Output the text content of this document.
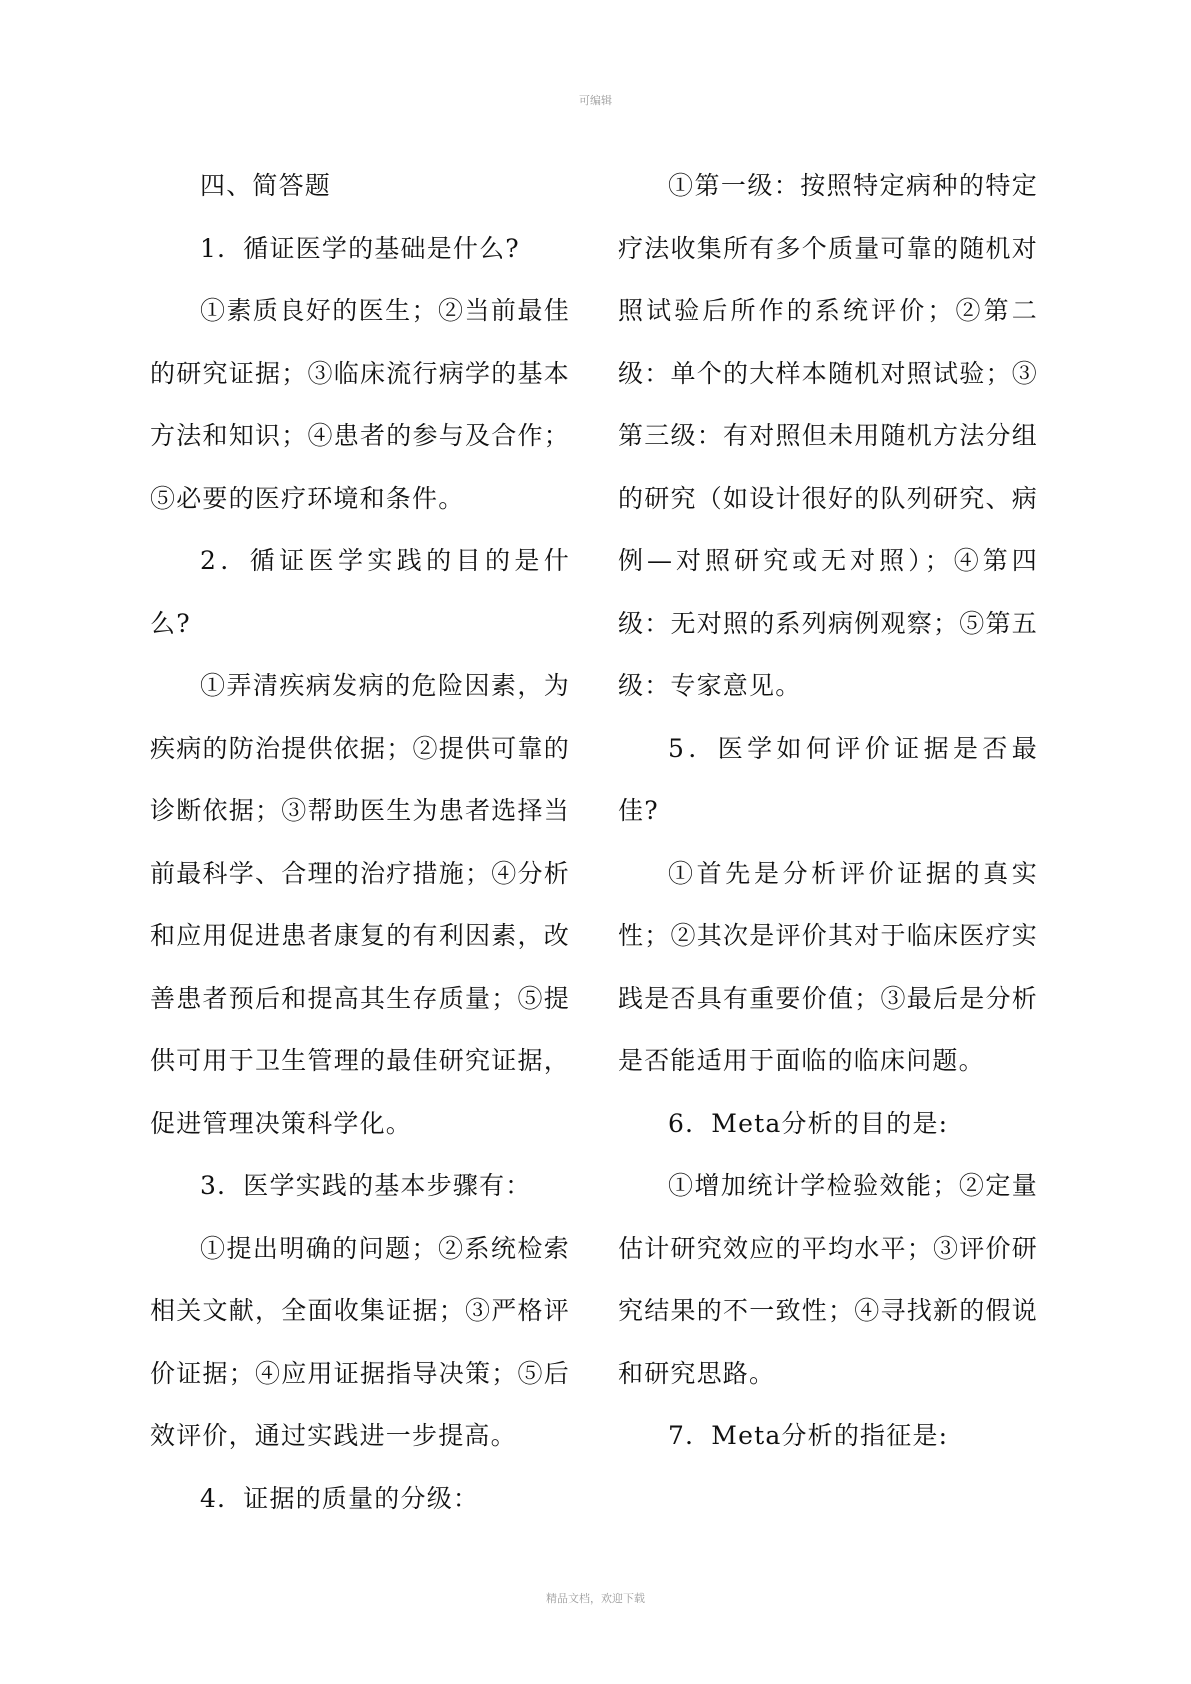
可编辑

四、简答题

1．循证医学的基础是什么?

①素质良好的医生；②当前最佳的研究证据；③临床流行病学的基本方法和知识；④患者的参与及合作；⑤必要的医疗环境和条件。

2．循证医学实践的目的是什么?

①弄清疾病发病的危险因素，为疾病的防治提供依据；②提供可靠的诊断依据；③帮助医生为患者选择当前最科学、合理的治疗措施；④分析和应用促进患者康复的有利因素，改善患者预后和提高其生存质量；⑤提供可用于卫生管理的最佳研究证据，促进管理决策科学化。

3．医学实践的基本步骤有：

①提出明确的问题；②系统检索相关文献，全面收集证据；③严格评价证据；④应用证据指导决策；⑤后效评价，通过实践进一步提高。

4．证据的质量的分级：

①第一级：按照特定病种的特定疗法收集所有多个质量可靠的随机对照试验后所作的系统评价；②第二级：单个的大样本随机对照试验；③第三级：有对照但未用随机方法分组的研究（如设计很好的队列研究、病例—对照研究或无对照）；④第四级：无对照的系列病例观察；⑤第五级：专家意见。

5．医学如何评价证据是否最佳?

①首先是分析评价证据的真实性；②其次是评价其对于临床医疗实践是否具有重要价值；③最后是分析是否能适用于面临的临床问题。

6．Meta分析的目的是:

①增加统计学检验效能；②定量估计研究效应的平均水平；③评价研究结果的不一致性；④寻找新的假说和研究思路。

7．Meta分析的指征是:

精品文档，欢迎下载
